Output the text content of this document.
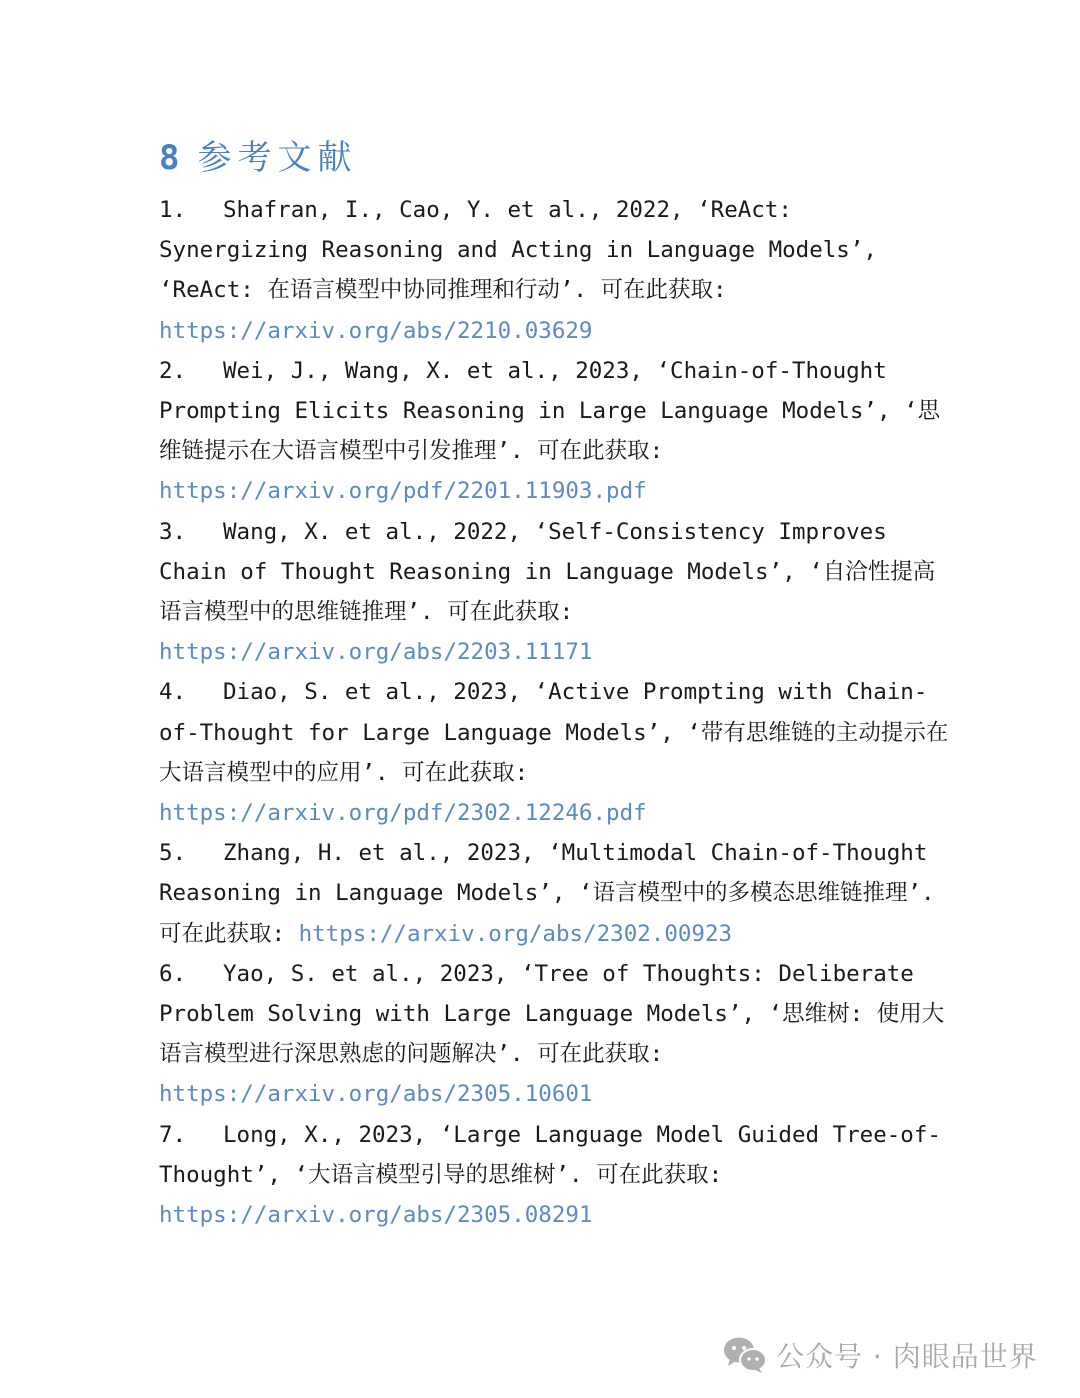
8 参考文献

1. Shafran, I., Cao, Y. et al., 2022, ‘ReAct: Synergizing Reasoning and Acting in Language Models’, ‘ReAct: 在语言模型中协同推理和行动’. 可在此获取:
https://arxiv.org/abs/2210.03629

2. Wei, J., Wang, X. et al., 2023, ‘Chain-of-Thought Prompting Elicits Reasoning in Large Language Models’, ‘思维链提示在大语言模型中引发推理’. 可在此获取:
https://arxiv.org/pdf/2201.11903.pdf

3. Wang, X. et al., 2022, ‘Self-Consistency Improves Chain of Thought Reasoning in Language Models’, ‘自洽性提高语言模型中的思维链推理’. 可在此获取: https://arxiv.org/abs/2203.11171

4. Diao, S. et al., 2023, ‘Active Prompting with Chain-of-Thought for Large Language Models’, ‘带有思维链的主动提示在大语言模型中的应用’. 可在此获取:
https://arxiv.org/pdf/2302.12246.pdf

5. Zhang, H. et al., 2023, ‘Multimodal Chain-of-Thought Reasoning in Language Models’, ‘语言模型中的多模态思维链推理’. 可在此获取: https://arxiv.org/abs/2302.00923

6. Yao, S. et al., 2023, ‘Tree of Thoughts: Deliberate Problem Solving with Large Language Models’, ‘思维树: 使用大语言模型进行深思熟虑的问题解决’. 可在此获取:
https://arxiv.org/abs/2305.10601

7. Long, X., 2023, ‘Large Language Model Guided Tree-of-Thought’, ‘大语言模型引导的思维树’. 可在此获取:
https://arxiv.org/abs/2305.08291

公众号 · 肉眼品世界
